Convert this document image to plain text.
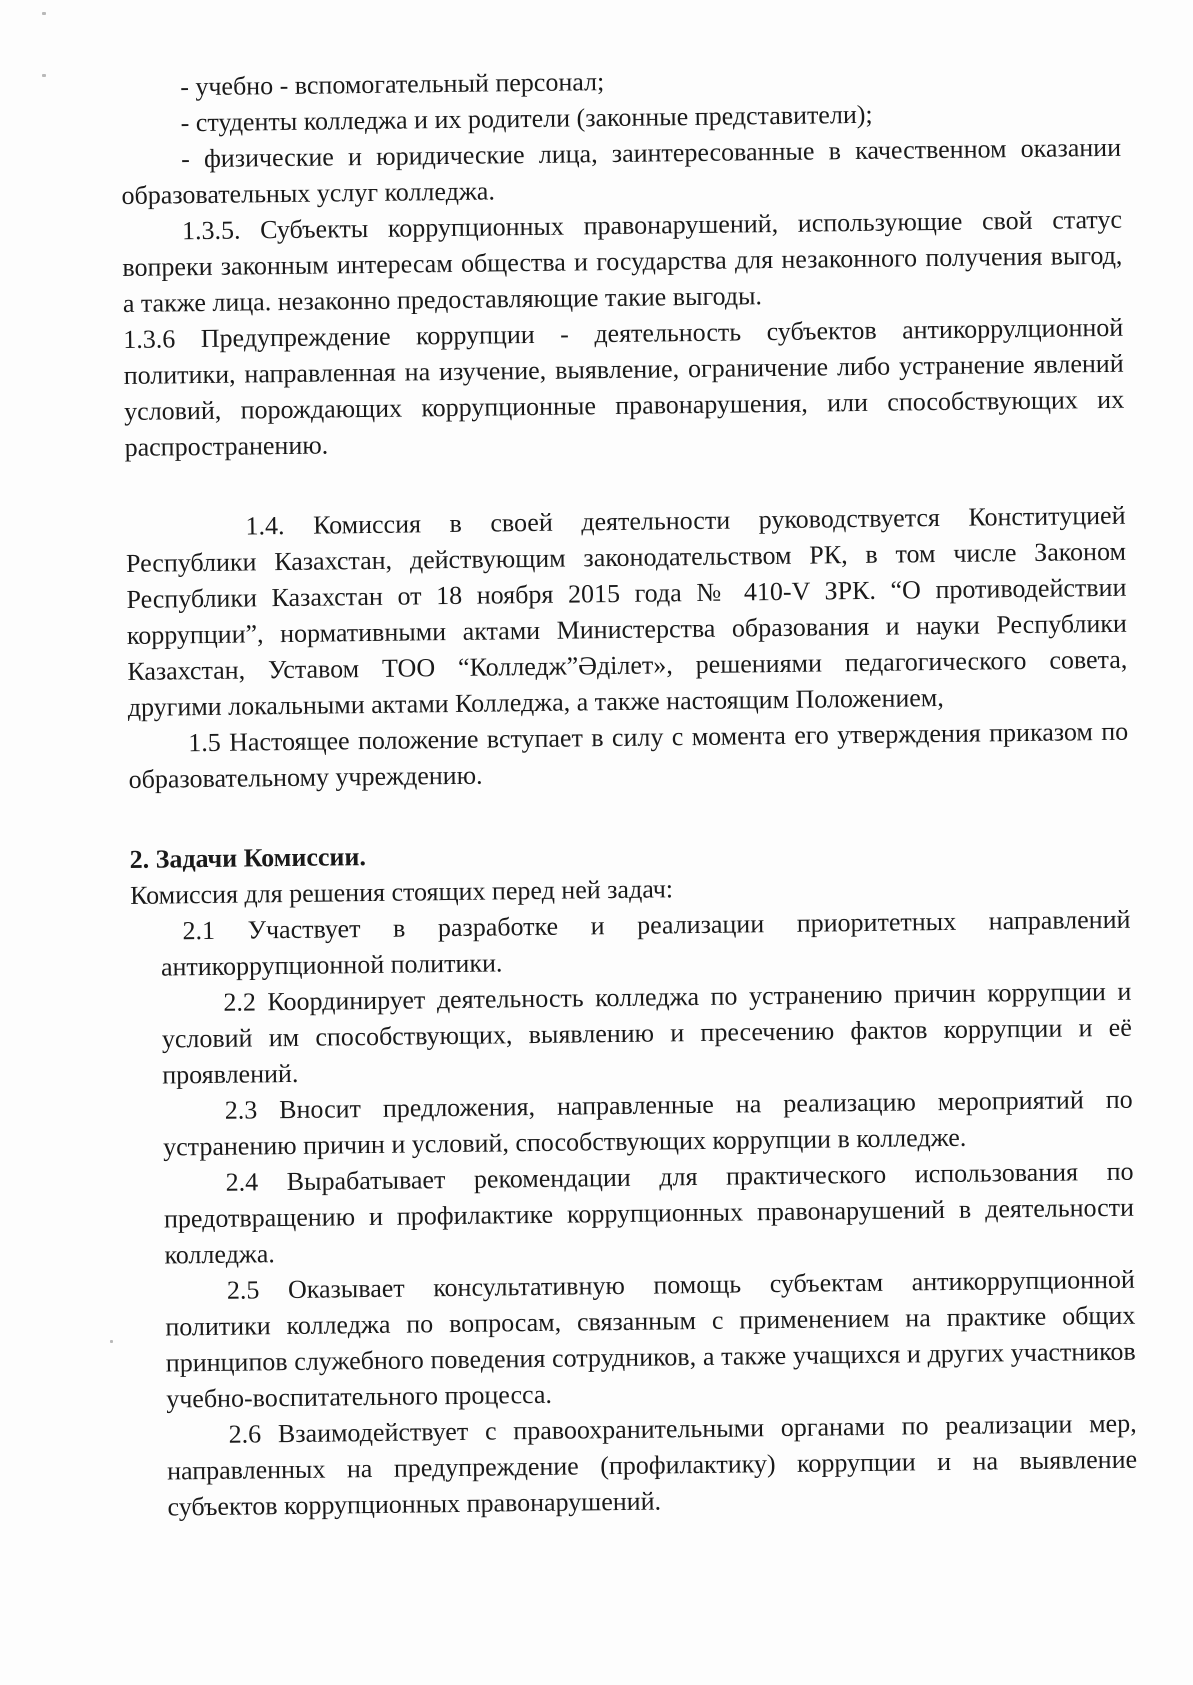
- учебно - вспомогательный персонал;

- студенты колледжа и их родители (законные представители);

- физические и юридические лица, заинтересованные в качественном оказании образовательных услуг колледжа.

1.3.5. Субъекты коррупционных правонарушений, использующие свой статус вопреки законным интересам общества и государства для незаконного получения выгод, а также лица. незаконно предоставляющие такие выгоды.

1.3.6 Предупреждение коррупции - деятельность субъектов антикоррулционной политики, направленная на изучение, выявление, ограничение либо устранение явлений условий, порождающих коррупционные правонарушения, или способствующих их распространению.

1.4. Комиссия в своей деятельности руководствуется Конституцией Республики Казахстан, действующим законодательством РК, в том числе Законом Республики Казахстан от 18 ноября 2015 года № 410-V ЗРК. “О противодействии коррупции”, нормативными актами Министерства образования и науки Республики Казахстан, Уставом ТОО “Колледж”Әділет», решениями педагогического совета, другими локальными актами Колледжа, а также настоящим Положением,

1.5 Настоящее положение вступает в силу с момента его утверждения приказом по образовательному учреждению.

2. Задачи Комиссии.

Комиссия для решения стоящих перед ней задач:

2.1 Участвует в разработке и реализации приоритетных направлений антикоррупционной политики.

2.2 Координирует деятельность колледжа по устранению причин коррупции и условий им способствующих, выявлению и пресечению фактов коррупции и её проявлений.

2.3 Вносит предложения, направленные на реализацию мероприятий по устранению причин и условий, способствующих коррупции в колледже.

2.4 Вырабатывает рекомендации для практического использования по предотвращению и профилактике коррупционных правонарушений в деятельности колледжа.

2.5 Оказывает консультативную помощь субъектам антикоррупционной политики колледжа по вопросам, связанным с применением на практике общих принципов служебного поведения сотрудников, а также учащихся и других участников учебно-воспитательного процесса.

2.6 Взаимодействует с правоохранительными органами по реализации мер, направленных на предупреждение (профилактику) коррупции и на выявление субъектов коррупционных правонарушений.
